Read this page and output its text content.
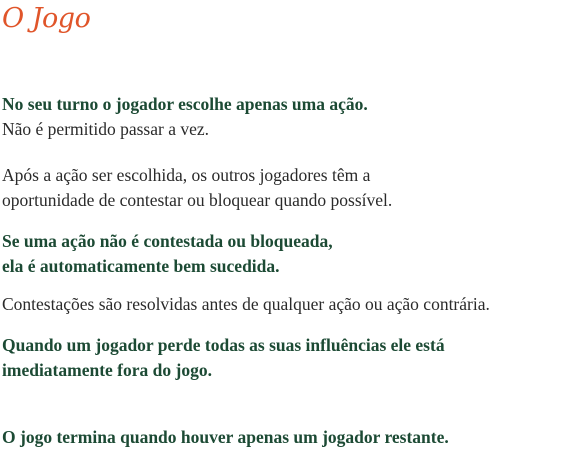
O Jogo

No seu turno o jogador escolhe apenas uma ação.
Não é permitido passar a vez.

Após a ação ser escolhida, os outros jogadores têm a
oportunidade de contestar ou bloquear quando possível.

Se uma ação não é contestada ou bloqueada,
ela é automaticamente bem sucedida.

Contestações são resolvidas antes de qualquer ação ou ação contrária.

Quando um jogador perde todas as suas influências ele está
imediatamente fora do jogo.

O jogo termina quando houver apenas um jogador restante.
